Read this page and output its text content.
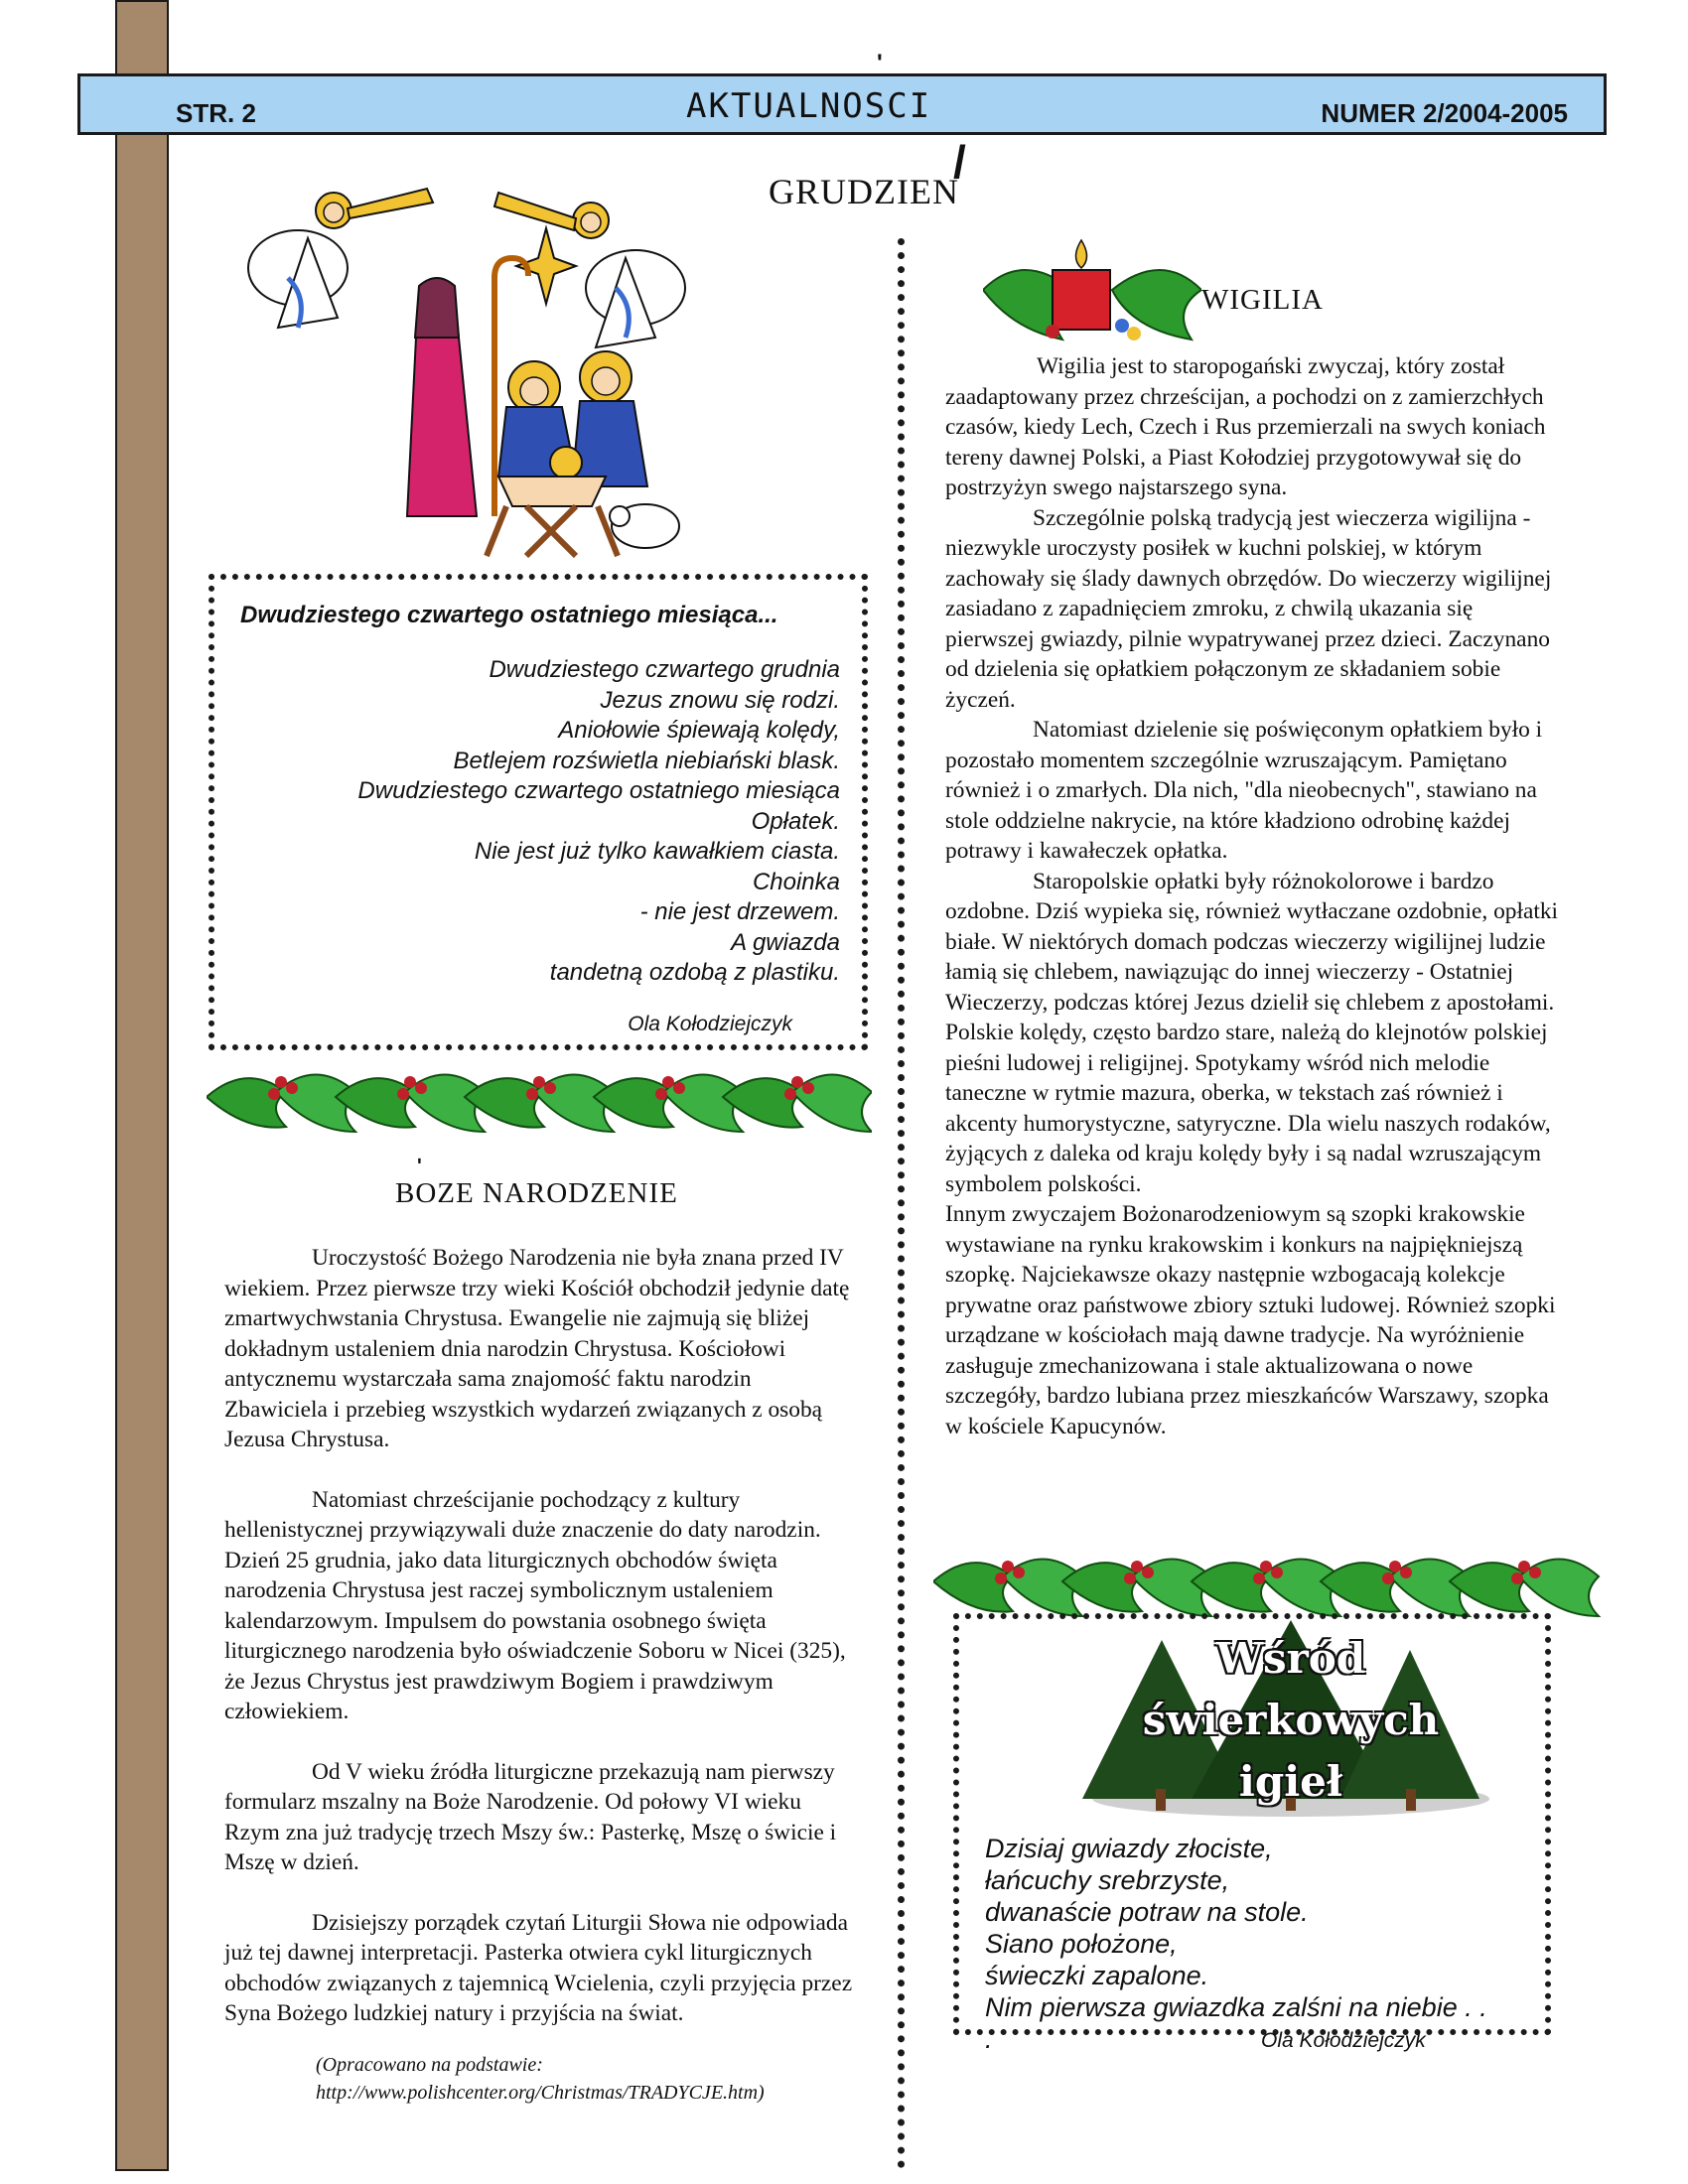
STR. 2	AKTUALNOSCI	NUMER 2/2004-2005
ʹ
GRUDZIEN
/
Dwudziestego czwartego ostatniego miesiąca...
Dwudziestego czwartego grudnia
Jezus znowu się rodzi.
Aniołowie śpiewają kolędy,
Betlejem rozświetla niebiański blask.
Dwudziestego czwartego ostatniego miesiąca
Opłatek.
Nie jest już tylko kawałkiem ciasta.
Choinka
- nie jest drzewem.
A gwiazda
tandetną ozdobą z plastiku.
Ola Kołodziejczyk
BOZE NARODZENIE
ʹ

Uroczystość Bożego Narodzenia nie była znana przed IV wiekiem. Przez pierwsze trzy wieki Kościół obchodził jedynie datę zmartwychwstania Chrystusa. Ewangelie nie zajmują się bliżej dokładnym ustaleniem dnia narodzin Chrystusa. Kościołowi antycznemu wystarczała sama znajomość faktu narodzin Zbawiciela i przebieg wszystkich wydarzeń związanych z osobą Jezusa Chrystusa.

Natomiast chrześcijanie pochodzący z kultury hellenistycznej przywiązywali duże znaczenie do daty narodzin. Dzień 25 grudnia, jako data liturgicznych obchodów święta narodzenia Chrystusa jest raczej symbolicznym ustaleniem kalendarzowym. Impulsem do powstania osobnego święta liturgicznego narodzenia było oświadczenie Soboru w Nicei (325), że Jezus Chrystus jest prawdziwym Bogiem i prawdziwym człowiekiem.

Od V wieku źródła liturgiczne przekazują nam pierwszy formularz mszalny na Boże Narodzenie. Od połowy VI wieku Rzym zna już tradycję trzech Mszy św.: Pasterkę, Mszę o świcie i Mszę w dzień.

Dzisiejszy porządek czytań Liturgii Słowa nie odpowiada już tej dawnej interpretacji. Pasterka otwiera cykl liturgicznych obchodów związanych z tajemnicą Wcielenia, czyli przyjęcia przez Syna Bożego ludzkiej natury i przyjścia na świat.

(Opracowano na podstawie:
http://www.polishcenter.org/Christmas/TRADYCJE.htm)
WIGILIA

Wigilia jest to staropogański zwyczaj, który został zaadaptowany przez chrześcijan, a pochodzi on z zamierzchłych czasów, kiedy Lech, Czech i Rus przemierzali na swych koniach tereny dawnej Polski, a Piast Kołodziej przygotowywał się do postrzyżyn swego najstarszego syna.

Szczególnie polską tradycją jest wieczerza wigilijna - niezwykle uroczysty posiłek w kuchni polskiej, w którym zachowały się ślady dawnych obrzędów. Do wieczerzy wigilijnej zasiadano z zapadnięciem zmroku, z chwilą ukazania się pierwszej gwiazdy, pilnie wypatrywanej przez dzieci. Zaczynano od dzielenia się opłatkiem połączonym ze składaniem sobie życzeń.

Natomiast dzielenie się poświęconym opłatkiem było i pozostało momentem szczególnie wzruszającym. Pamiętano również i o zmarłych. Dla nich, "dla nieobecnych", stawiano na stole oddzielne nakrycie, na które kładziono odrobinę każdej potrawy i kawałeczek opłatka.

Staropolskie opłatki były różnokolorowe i bardzo ozdobne. Dziś wypieka się, również wytłaczane ozdobnie, opłatki białe. W niektórych domach podczas wieczerzy wigilijnej ludzie łamią się chlebem, nawiązując do innej wieczerzy - Ostatniej Wieczerzy, podczas której Jezus dzielił się chlebem z apostołami.

Polskie kolędy, często bardzo stare, należą do klejnotów polskiej pieśni ludowej i religijnej. Spotykamy wśród nich melodie taneczne w rytmie mazura, oberka, w tekstach zaś również i akcenty humorystyczne, satyryczne. Dla wielu naszych rodaków, żyjących z daleka od kraju kolędy były i są nadal wzruszającym symbolem polskości.

Innym zwyczajem Bożonarodzeniowym są szopki krakowskie wystawiane na rynku krakowskim i konkurs na najpiękniejszą szopkę. Najciekawsze okazy następnie wzbogacają kolekcje prywatne oraz państwowe zbiory sztuki ludowej. Również szopki urządzane w kościołach mają dawne tradycje. Na wyróżnienie zasługuje zmechanizowana i stale aktualizowana o nowe szczegóły, bardzo lubiana przez mieszkańców Warszawy, szopka w kościele Kapucynów.

Wśród
świerkowych
igieł
Dzisiaj gwiazdy złociste,
łańcuchy srebrzyste,
dwanaście potraw na stole.
Siano położone,
świeczki zapalone.
Nim pierwsza gwiazdka zalśni na niebie . .
.	Ola Kołodziejczyk
